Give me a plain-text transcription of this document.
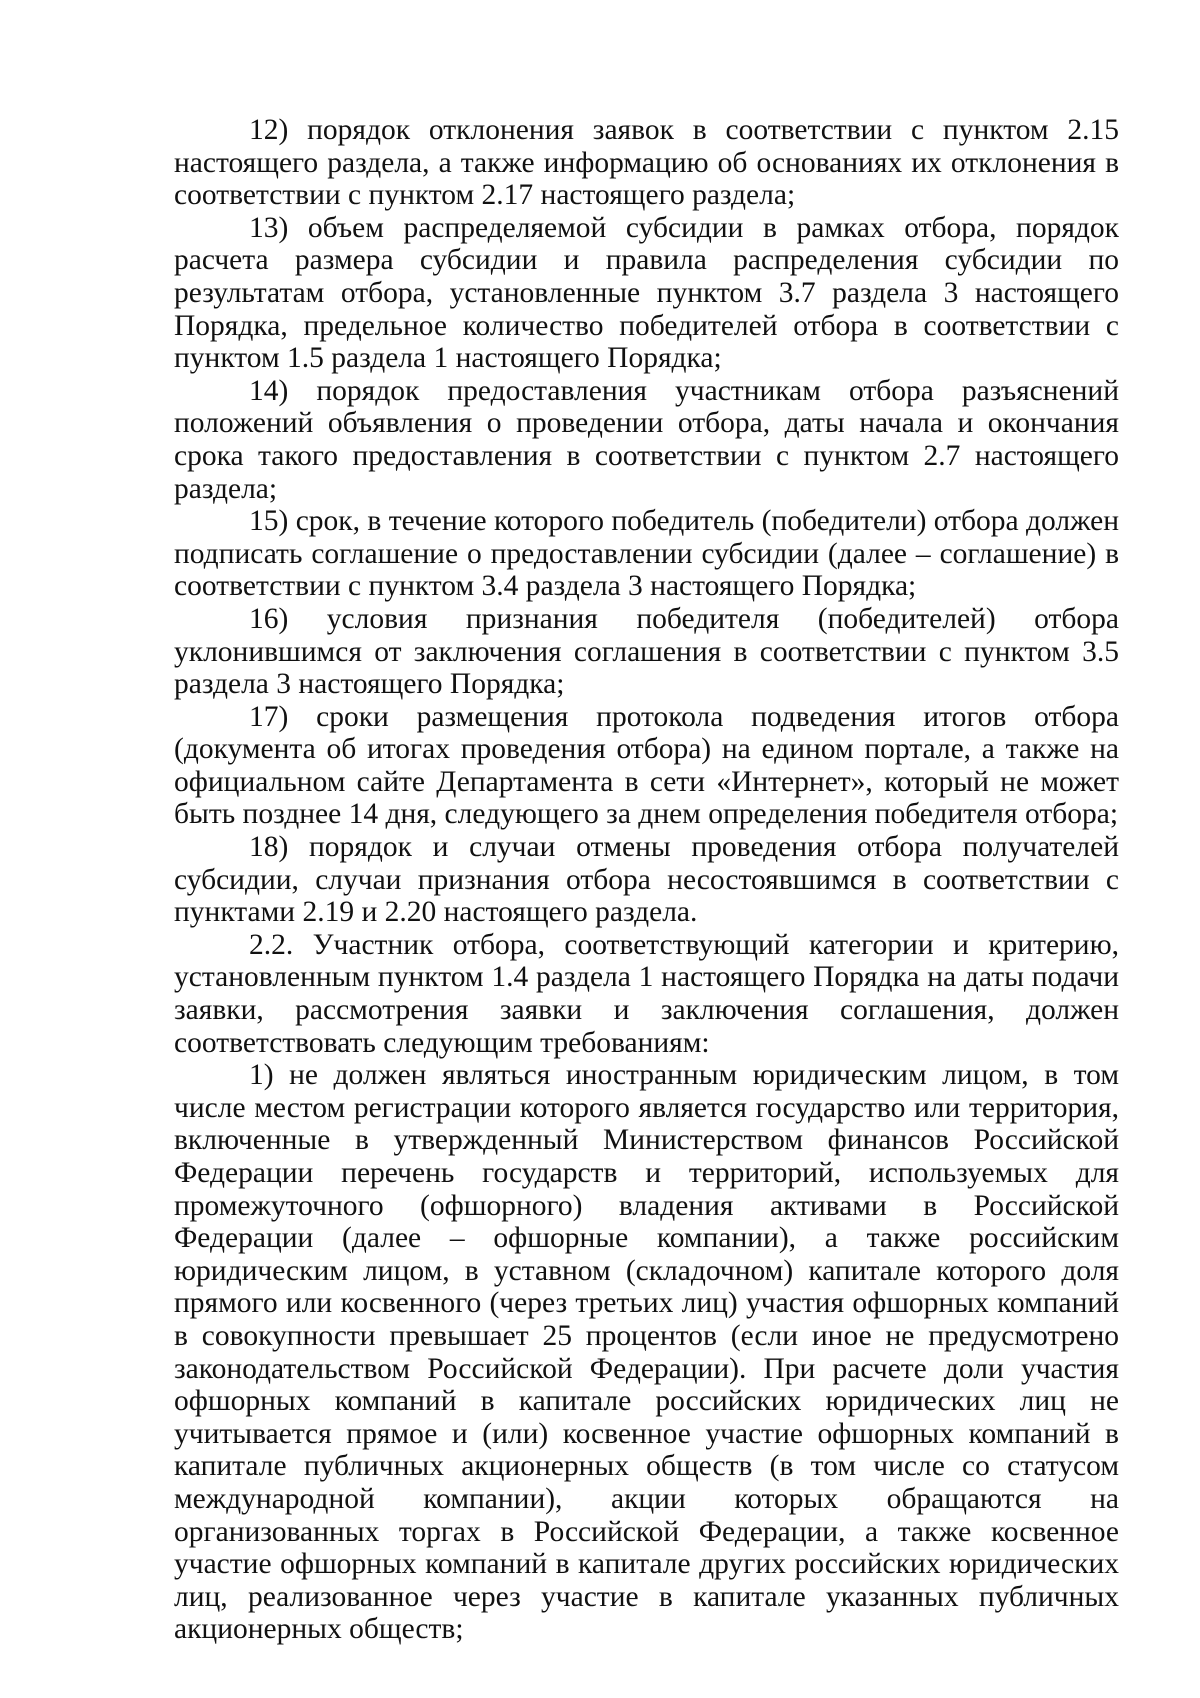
12) порядок отклонения заявок в соответствии с пунктом 2.15 настоящего раздела, а также информацию об основаниях их отклонения в соответствии с пунктом 2.17 настоящего раздела;

13) объем распределяемой субсидии в рамках отбора, порядок расчета размера субсидии и правила распределения субсидии по результатам отбора, установленные пунктом 3.7 раздела 3 настоящего Порядка, предельное количество победителей отбора в соответствии с пунктом 1.5 раздела 1 настоящего Порядка;

14) порядок предоставления участникам отбора разъяснений положений объявления о проведении отбора, даты начала и окончания срока такого предоставления в соответствии с пунктом 2.7 настоящего раздела;

15) срок, в течение которого победитель (победители) отбора должен подписать соглашение о предоставлении субсидии (далее – соглашение) в соответствии с пунктом 3.4 раздела 3 настоящего Порядка;

16) условия признания победителя (победителей) отбора уклонившимся от заключения соглашения в соответствии с пунктом 3.5 раздела 3 настоящего Порядка;

17) сроки размещения протокола подведения итогов отбора (документа об итогах проведения отбора) на едином портале, а также на официальном сайте Департамента в сети «Интернет», который не может быть позднее 14 дня, следующего за днем определения победителя отбора;

18) порядок и случаи отмены проведения отбора получателей субсидии, случаи признания отбора несостоявшимся в соответствии с пунктами 2.19 и 2.20 настоящего раздела.

2.2. Участник отбора, соответствующий категории и критерию, установленным пунктом 1.4 раздела 1 настоящего Порядка на даты подачи заявки, рассмотрения заявки и заключения соглашения, должен соответствовать следующим требованиям:

1) не должен являться иностранным юридическим лицом, в том числе местом регистрации которого является государство или территория, включенные в утвержденный Министерством финансов Российской Федерации перечень государств и территорий, используемых для промежуточного (офшорного) владения активами в Российской Федерации (далее – офшорные компании), а также российским юридическим лицом, в уставном (складочном) капитале которого доля прямого или косвенного (через третьих лиц) участия офшорных компаний в совокупности превышает 25 процентов (если иное не предусмотрено законодательством Российской Федерации). При расчете доли участия офшорных компаний в капитале российских юридических лиц не учитывается прямое и (или) косвенное участие офшорных компаний в капитале публичных акционерных обществ (в том числе со статусом международной компании), акции которых обращаются на организованных торгах в Российской Федерации, а также косвенное участие офшорных компаний в капитале других российских юридических лиц, реализованное через участие в капитале указанных публичных акционерных обществ;
